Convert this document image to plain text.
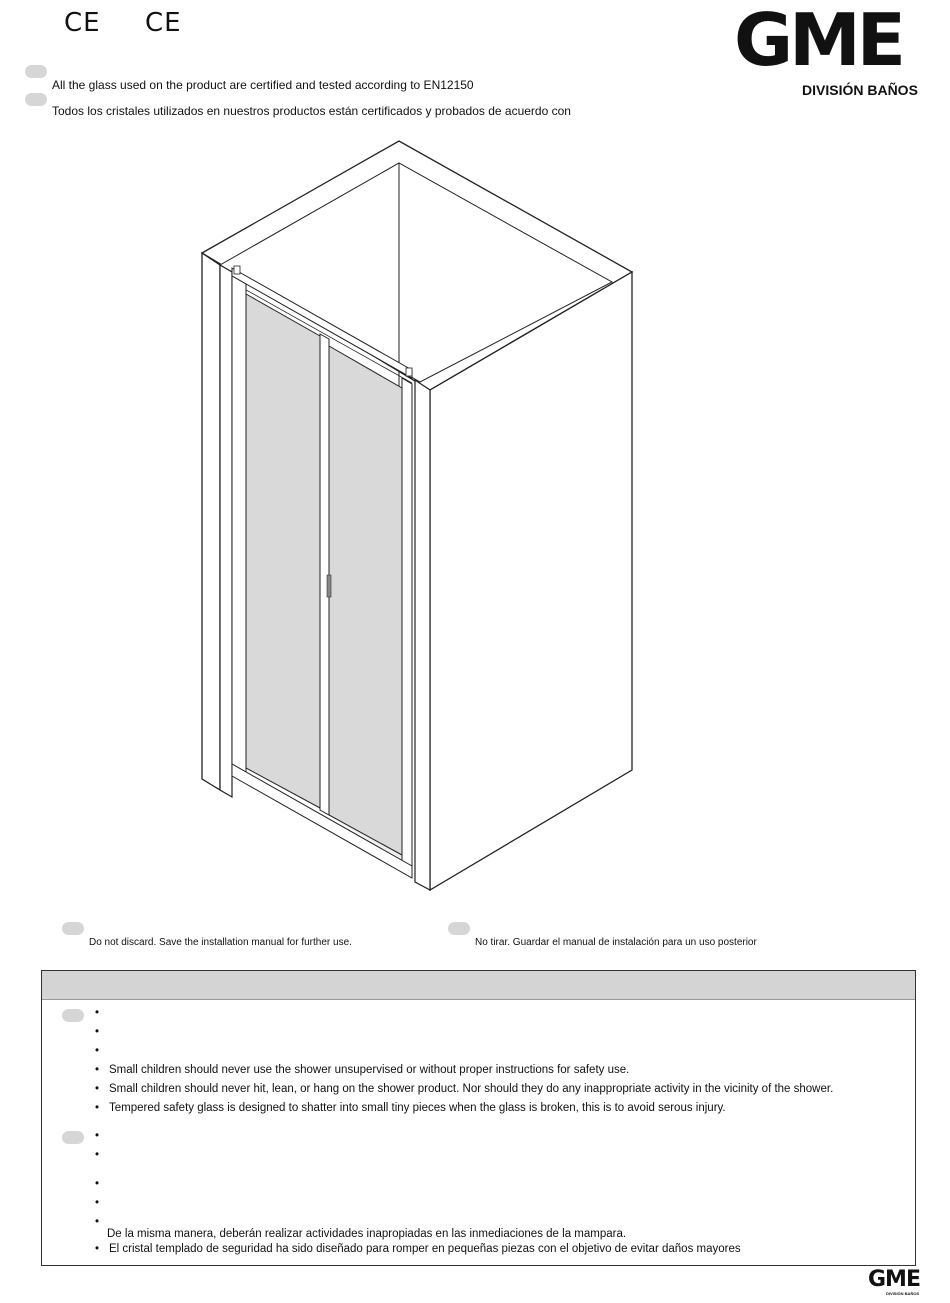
CE CE	GME
DIVISIÓN BAÑOS
All the glass used on the product are certified and tested according to EN12150
Todos los cristales utilizados en nuestros productos están certificados y probados de acuerdo con
Do not discard. Save the installation manual for further use.	No tirar. Guardar el manual de instalación para un uso posterior
•
•
•
• Small children should never use the shower unsupervised or without proper instructions for safety use.
• Small children should never hit, lean, or hang on the shower product. Nor should they do any inappropriate activity in the vicinity of the shower.
• Tempered safety glass is designed to shatter into small tiny pieces when the glass is broken, this is to avoid serous injury.
•
•
•
•
•
De la misma manera, deberán realizar actividades inapropiadas en las inmediaciones de la mampara.
• El cristal templado de seguridad ha sido diseñado para romper en pequeñas piezas con el objetivo de evitar daños mayores
GME
DIVISIÓN BAÑOS
